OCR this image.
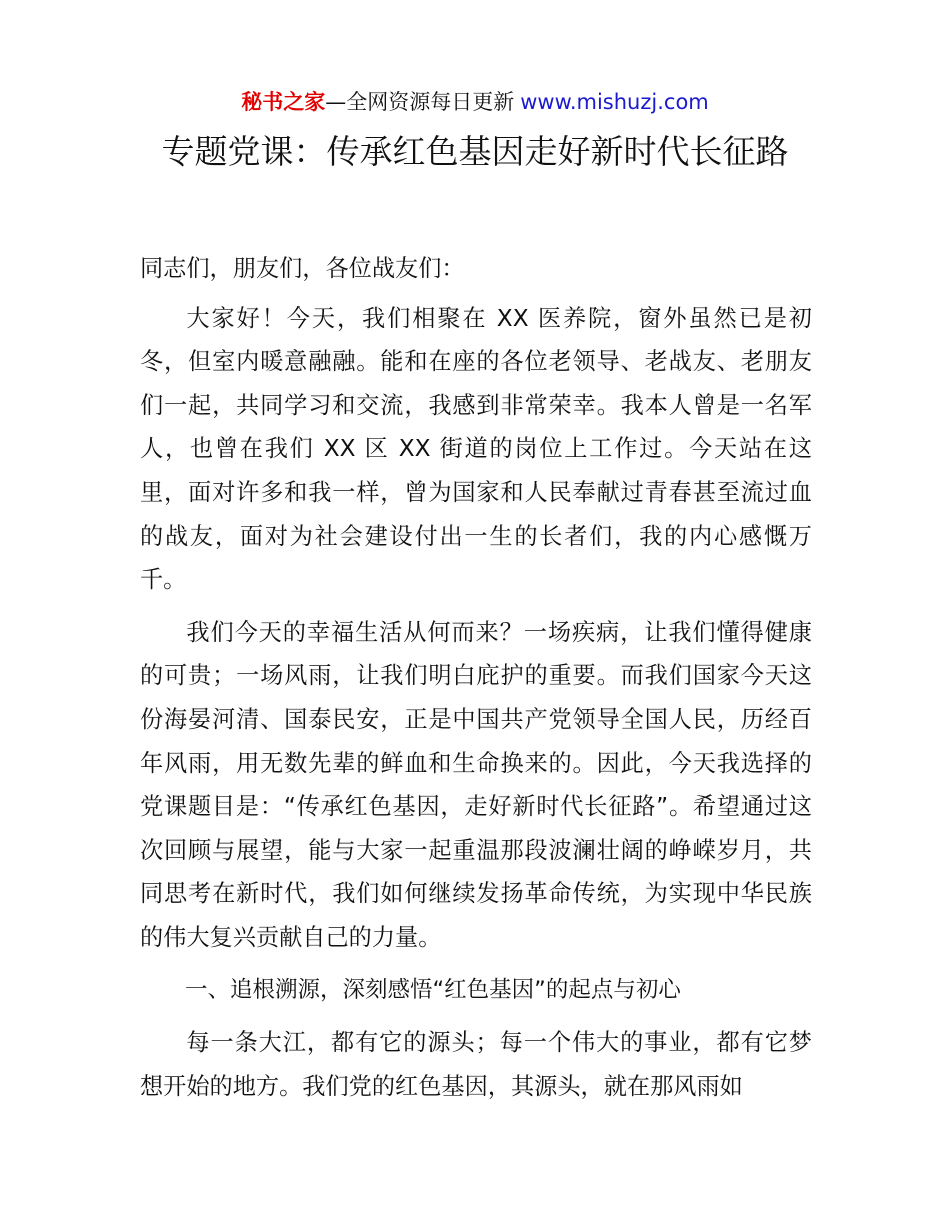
秘书之家—全网资源每日更新 www.mishuzj.com
专题党课：传承红色基因走好新时代长征路

同志们，朋友们，各位战友们：

大家好！今天，我们相聚在 XX 医养院，窗外虽然已是初冬，但室内暖意融融。能和在座的各位老领导、老战友、老朋友们一起，共同学习和交流，我感到非常荣幸。我本人曾是一名军人，也曾在我们 XX 区 XX 街道的岗位上工作过。今天站在这里，面对许多和我一样，曾为国家和人民奉献过青春甚至流过血的战友，面对为社会建设付出一生的长者们，我的内心感慨万千。

我们今天的幸福生活从何而来？一场疾病，让我们懂得健康的可贵；一场风雨，让我们明白庇护的重要。而我们国家今天这份海晏河清、国泰民安，正是中国共产党领导全国人民，历经百年风雨，用无数先辈的鲜血和生命换来的。因此，今天我选择的党课题目是：“传承红色基因，走好新时代长征路”。希望通过这次回顾与展望，能与大家一起重温那段波澜壮阔的峥嵘岁月，共同思考在新时代，我们如何继续发扬革命传统，为实现中华民族的伟大复兴贡献自己的力量。

一、追根溯源，深刻感悟“红色基因”的起点与初心

每一条大江，都有它的源头；每一个伟大的事业，都有它梦想开始的地方。我们党的红色基因，其源头，就在那风雨如
